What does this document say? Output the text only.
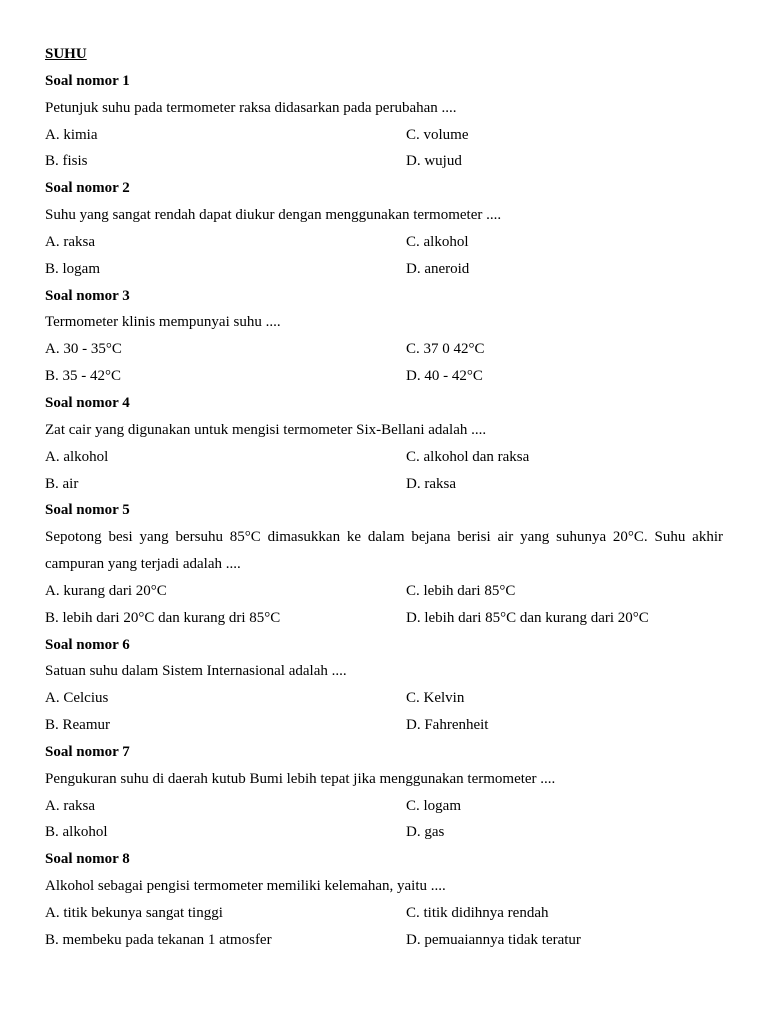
SUHU
Soal nomor 1
Petunjuk suhu pada termometer raksa didasarkan pada perubahan ....
A. kimia	C. volume
B. fisis	D. wujud
Soal nomor 2
Suhu yang sangat rendah dapat diukur dengan menggunakan termometer ....
A. raksa	C. alkohol
B. logam	D. aneroid
Soal nomor 3
Termometer klinis mempunyai suhu ....
A. 30 - 35°C	C. 37 0 42°C
B. 35 - 42°C	D. 40 - 42°C
Soal nomor 4
Zat cair yang digunakan untuk mengisi termometer Six-Bellani adalah ....
A. alkohol	C. alkohol dan raksa
B. air	D. raksa
Soal nomor 5
Sepotong besi yang bersuhu 85°C dimasukkan ke dalam bejana berisi air yang suhunya 20°C. Suhu akhir campuran yang terjadi adalah ....
A. kurang dari 20°C	C. lebih dari 85°C
B. lebih dari 20°C dan kurang dri 85°C	D. lebih dari 85°C dan kurang dari 20°C
Soal nomor 6
Satuan suhu dalam Sistem Internasional adalah ....
A. Celcius	C. Kelvin
B. Reamur	D. Fahrenheit
Soal nomor 7
Pengukuran suhu di daerah kutub Bumi lebih tepat jika menggunakan termometer ....
A. raksa	C. logam
B. alkohol	D. gas
Soal nomor 8
Alkohol sebagai pengisi termometer memiliki kelemahan, yaitu ....
A. titik bekunya sangat tinggi	C. titik didihnya rendah
B. membeku pada tekanan 1 atmosfer	D. pemuaiannya tidak teratur
